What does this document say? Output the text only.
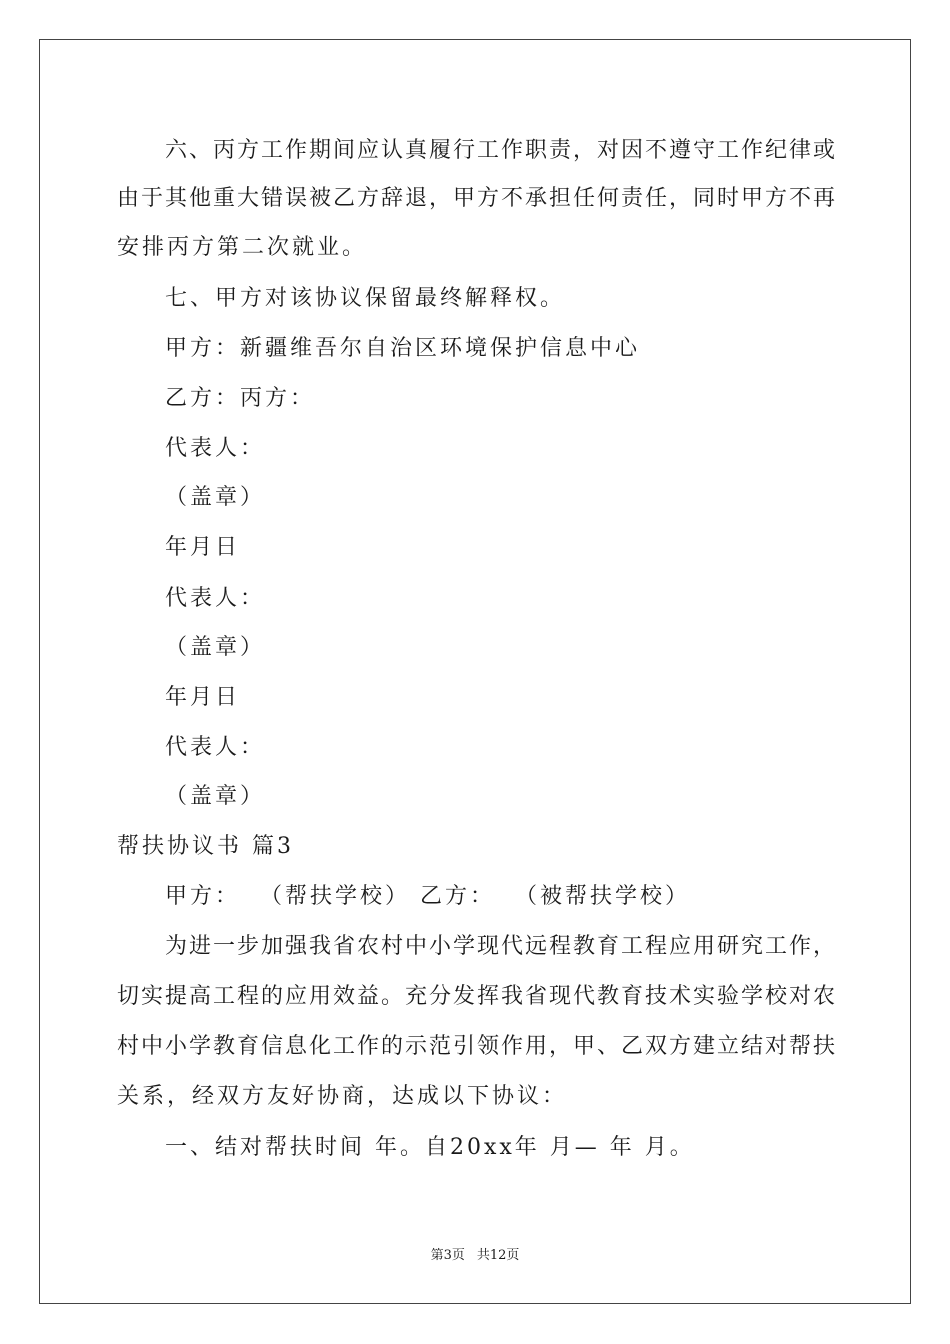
六、丙方工作期间应认真履行工作职责，对因不遵守工作纪律或
由于其他重大错误被乙方辞退，甲方不承担任何责任，同时甲方不再
安排丙方第二次就业。
七、甲方对该协议保留最终解释权。
甲方：新疆维吾尔自治区环境保护信息中心
乙方：丙方：
代表人：
（盖章）
年月日
代表人：
（盖章）
年月日
代表人：
（盖章）
帮扶协议书 篇3
甲方：  （帮扶学校） 乙方：  （被帮扶学校）
为进一步加强我省农村中小学现代远程教育工程应用研究工作，
切实提高工程的应用效益。充分发挥我省现代教育技术实验学校对农
村中小学教育信息化工作的示范引领作用，甲、乙双方建立结对帮扶
关系，经双方友好协商，达成以下协议：
一、结对帮扶时间 年。自20xx年 月— 年 月。
第3页 共12页
